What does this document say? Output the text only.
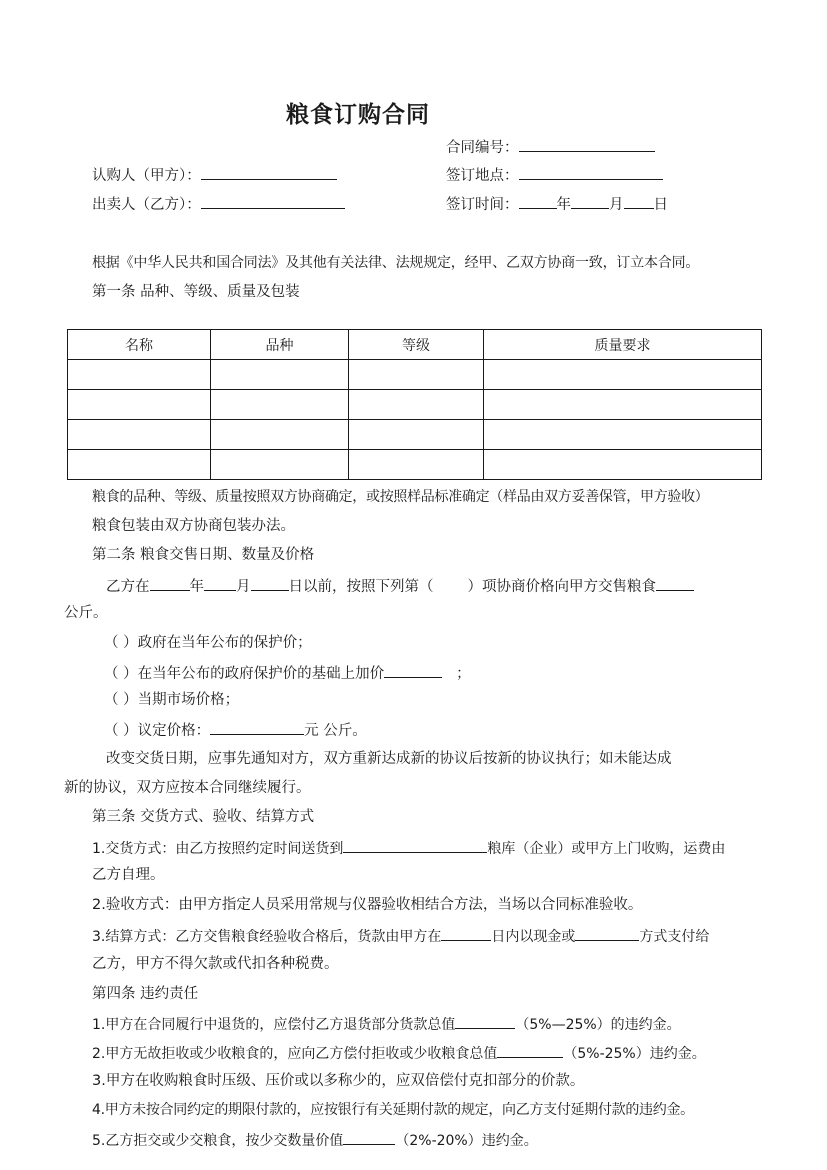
粮食订购合同
合同编号：
认购人（甲方）：	签订地点：
出卖人（乙方）：	签订时间：	年	月 日
根据《中华人民共和国合同法》及其他有关法律、法规规定，经甲、乙双方协商一致，订立本合同。
第一条 品种、等级、质量及包装
名称	品种	等级	质量要求

粮食的品种、等级、质量按照双方协商确定，或按照样品标准确定（样品由双方妥善保管，甲方验收）
粮食包装由双方协商包装办法。
第二条 粮食交售日期、数量及价格
乙方在	年 月	日以前，按照下列第（ ）项协商价格向甲方交售粮食
公斤。
（ ）政府在当年公布的保护价；
（ ）在当年公布的政府保护价的基础上加价	；
（ ）当期市场价格；
（ ）议定价格：	元 公斤。
改变交货日期，应事先通知对方，双方重新达成新的协议后按新的协议执行；如未能达成
新的协议，双方应按本合同继续履行。
第三条 交货方式、验收、结算方式
1.交货方式：由乙方按照约定时间送货到	粮库（企业）或甲方上门收购，运费由
乙方自理。
2.验收方式：由甲方指定人员采用常规与仪器验收相结合方法，当场以合同标准验收。
3.结算方式：乙方交售粮食经验收合格后，货款由甲方在	日内以现金或	方式支付给
乙方，甲方不得欠款或代扣各种税费。
第四条 违约责任
1.甲方在合同履行中退货的，应偿付乙方退货部分货款总值	（5%—25%）的违约金。
2.甲方无故拒收或少收粮食的，应向乙方偿付拒收或少收粮食总值	（5%-25%）违约金。
3.甲方在收购粮食时压级、压价或以多称少的，应双倍偿付克扣部分的价款。
4.甲方未按合同约定的期限付款的，应按银行有关延期付款的规定，向乙方支付延期付款的违约金。
5.乙方拒交或少交粮食，按少交数量价值	（2%-20%）违约金。
